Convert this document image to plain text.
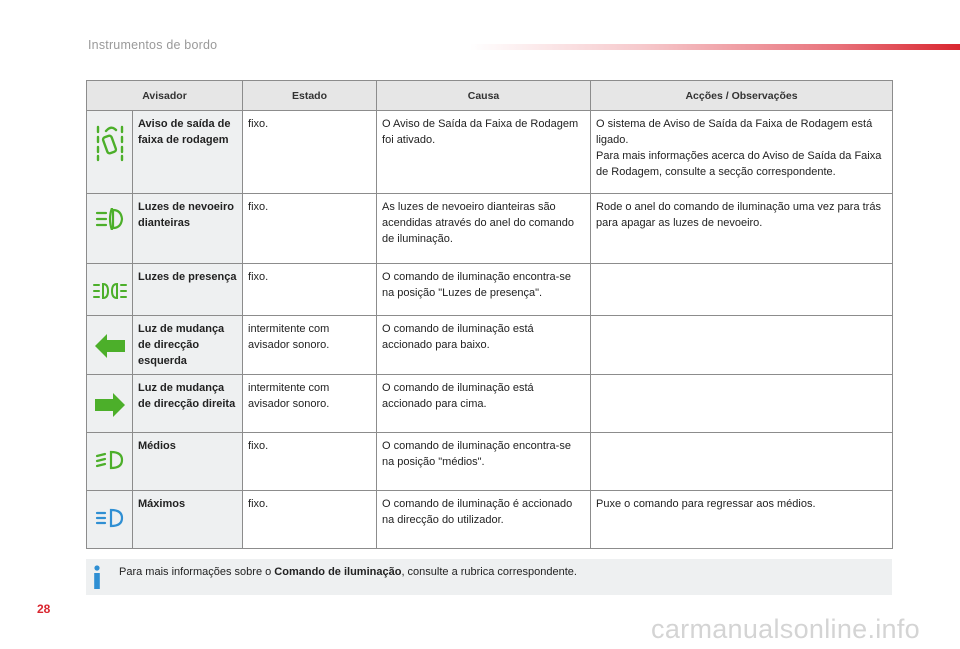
Instrumentos de bordo
Avisador		Estado	Causa	Acções / Observações

	Aviso de saída de faixa de rodagem	fixo.	O Aviso de Saída da Faixa de Rodagem foi ativado.	O sistema de Aviso de Saída da Faixa de Rodagem está ligado.
Para mais informações acerca do Aviso de Saída da Faixa de Rodagem, consulte a secção correspondente.

	Luzes de nevoeiro dianteiras	fixo.	As luzes de nevoeiro dianteiras são acendidas através do anel do comando de iluminação.	Rode o anel do comando de iluminação uma vez para trás para apagar as luzes de nevoeiro.

	Luzes de presença	fixo.	O comando de iluminação encontra-se na posição "Luzes de presença".	

	Luz de mudança de direcção esquerda	intermitente com avisador sonoro.	O comando de iluminação está accionado para baixo.	

	Luz de mudança de direcção direita	intermitente com avisador sonoro.	O comando de iluminação está accionado para cima.	

	Médios	fixo.	O comando de iluminação encontra-se na posição "médios".	

	Máximos	fixo.	O comando de iluminação é accionado na direcção do utilizador.	Puxe o comando para regressar aos médios.
Para mais informações sobre o Comando de iluminação, consulte a rubrica correspondente.
28
carmanualsonline.info
